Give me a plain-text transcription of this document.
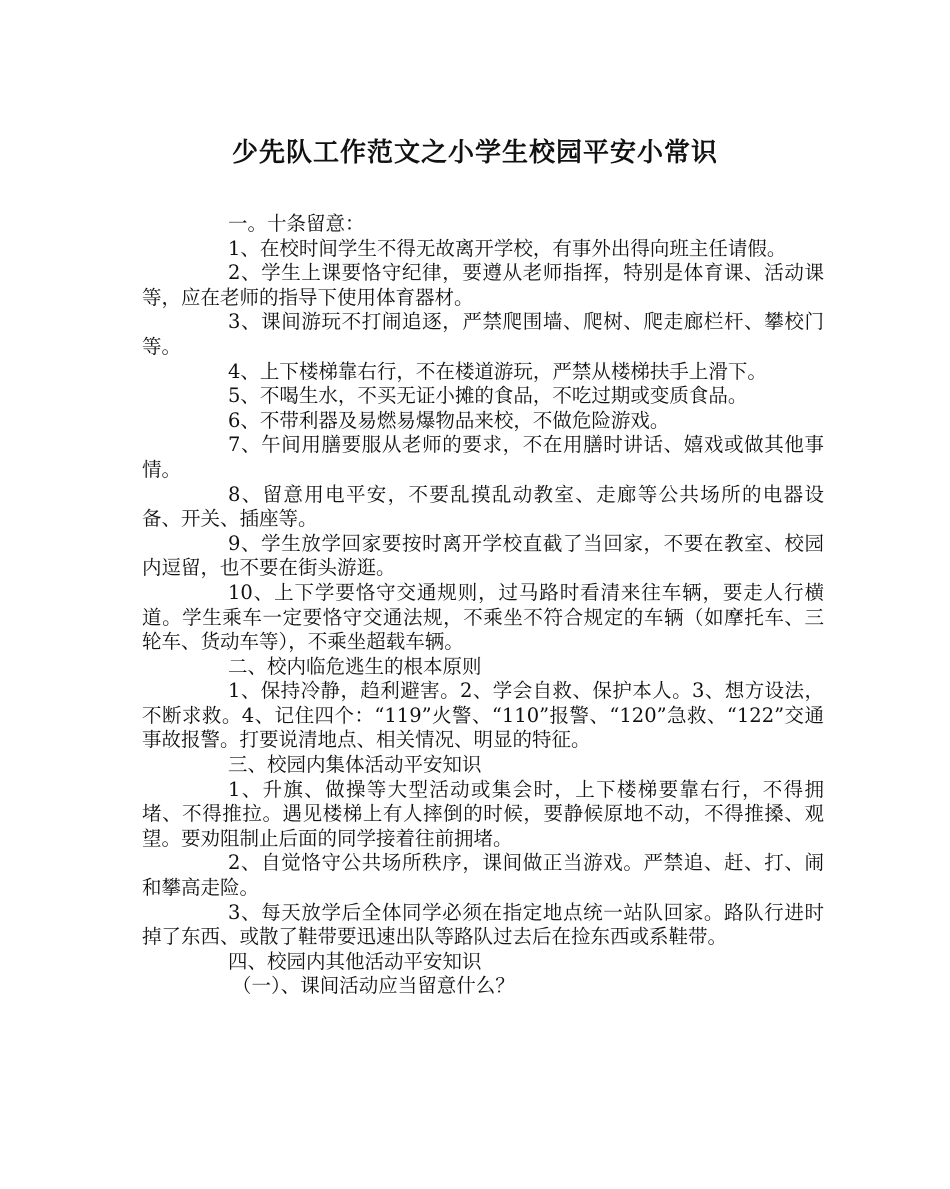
少先队工作范文之小学生校园平安小常识

一。十条留意：

1、在校时间学生不得无故离开学校，有事外出得向班主任请假。

2、学生上课要恪守纪律，要遵从老师指挥，特别是体育课、活动课等，应在老师的指导下使用体育器材。

3、课间游玩不打闹追逐，严禁爬围墙、爬树、爬走廊栏杆、攀校门等。

4、上下楼梯靠右行，不在楼道游玩，严禁从楼梯扶手上滑下。

5、不喝生水，不买无证小摊的食品，不吃过期或变质食品。

6、不带利器及易燃易爆物品来校，不做危险游戏。

7、午间用膳要服从老师的要求，不在用膳时讲话、嬉戏或做其他事情。

8、留意用电平安，不要乱摸乱动教室、走廊等公共场所的电器设备、开关、插座等。

9、学生放学回家要按时离开学校直截了当回家，不要在教室、校园内逗留，也不要在街头游逛。

10、上下学要恪守交通规则，过马路时看清来往车辆，要走人行横道。学生乘车一定要恪守交通法规，不乘坐不符合规定的车辆（如摩托车、三轮车、货动车等），不乘坐超载车辆。

二、校内临危逃生的根本原则

1、保持冷静，趋利避害。2、学会自救、保护本人。3、想方设法，不断求救。4、记住四个：“119”火警、“110”报警、“120”急救、“122”交通事故报警。打要说清地点、相关情况、明显的特征。

三、校园内集体活动平安知识

1、升旗、做操等大型活动或集会时，上下楼梯要靠右行，不得拥堵、不得推拉。遇见楼梯上有人摔倒的时候，要静候原地不动，不得推搡、观望。要劝阻制止后面的同学接着往前拥堵。

2、自觉恪守公共场所秩序，课间做正当游戏。严禁追、赶、打、闹和攀高走险。

3、每天放学后全体同学必须在指定地点统一站队回家。路队行进时掉了东西、或散了鞋带要迅速出队等路队过去后在捡东西或系鞋带。

四、校园内其他活动平安知识

（一）、课间活动应当留意什么？
